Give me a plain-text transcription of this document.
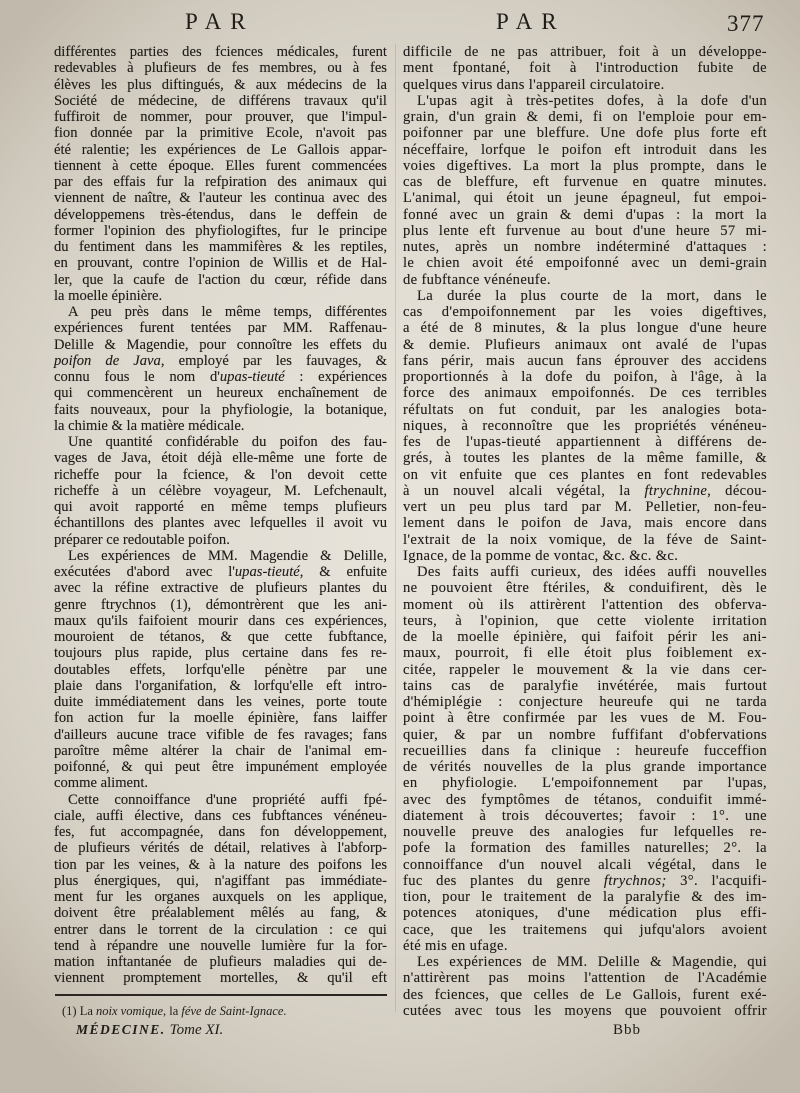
PAR	PAR	377
différentes parties des fciences médicales, furent
redevables à plufieurs de fes membres, ou à fes
élèves les plus diftingués, & aux médecins de la
Société de médecine, de différens travaux qu'il
fuffiroit de nommer, pour prouver, que l'impul-
fion donnée par la primitive Ecole, n'avoit pas
été ralentie; les expériences de Le Gallois appar-
tiennent à cette époque. Elles furent commencées
par des effais fur la refpiration des animaux qui
viennent de naître, & l'auteur les continua avec des
développemens très-étendus, dans le deffein de
former l'opinion des phyfiologiftes, fur le principe
du fentiment dans les mammifères & les reptiles,
en prouvant, contre l'opinion de Willis et de Hal-
ler, que la caufe de l'action du cœur, réfide dans
la moelle épinière.
A peu près dans le même temps, différentes
expériences furent tentées par MM. Raffenau-
Delille & Magendie, pour connoître les effets du
poifon de Java, employé par les fauvages, &
connu fous le nom d'upas-tieuté : expériences
qui commencèrent un heureux enchaînement de
faits nouveaux, pour la phyfiologie, la botanique,
la chimie & la matière médicale.
Une quantité confidérable du poifon des fau-
vages de Java, étoit déjà elle-même une forte de
richeffe pour la fcience, & l'on devoit cette
richeffe à un célèbre voyageur, M. Lefchenault,
qui avoit rapporté en même temps plufieurs
échantillons des plantes avec lefquelles il avoit vu
préparer ce redoutable poifon.
Les expériences de MM. Magendie & Delille,
exécutées d'abord avec l'upas-tieuté, & enfuite
avec la réfine extractive de plufieurs plantes du
genre ftrychnos (1), démontrèrent que les ani-
maux qu'ils faifoient mourir dans ces expériences,
mouroient de tétanos, & que cette fubftance,
toujours plus rapide, plus certaine dans fes re-
doutables effets, lorfqu'elle pénètre par une
plaie dans l'organifation, & lorfqu'elle eft intro-
duite immédiatement dans les veines, porte toute
fon action fur la moelle épinière, fans laiffer
d'ailleurs aucune trace vifible de fes ravages; fans
paroître même altérer la chair de l'animal em-
poifonné, & qui peut être impunément employée
comme aliment.
Cette connoiffance d'une propriété auffi fpé-
ciale, auffi élective, dans ces fubftances vénéneu-
fes, fut accompagnée, dans fon développement,
de plufieurs vérités de détail, relatives à l'abforp-
tion par les veines, & à la nature des poifons les
plus énergiques, qui, n'agiffant pas immédiate-
ment fur les organes auxquels on les applique,
doivent être préalablement mêlés au fang, &
entrer dans le torrent de la circulation : ce qui
tend à répandre une nouvelle lumière fur la for-
mation inftantanée de plufieurs maladies qui de-
viennent promptement mortelles, & qu'il eft
difficile de ne pas attribuer, foit à un développe-
ment fpontané, foit à l'introduction fubite de
quelques virus dans l'appareil circulatoire.
L'upas agit à très-petites dofes, à la dofe d'un
grain, d'un grain & demi, fi on l'emploie pour em-
poifonner par une bleffure. Une dofe plus forte eft
néceffaire, lorfque le poifon eft introduit dans les
voies digeftives. La mort la plus prompte, dans le
cas de bleffure, eft furvenue en quatre minutes.
L'animal, qui étoit un jeune épagneul, fut empoi-
fonné avec un grain & demi d'upas : la mort la
plus lente eft furvenue au bout d'une heure 57 mi-
nutes, après un nombre indéterminé d'attaques :
le chien avoit été empoifonné avec un demi-grain
de fubftance vénéneufe.
La durée la plus courte de la mort, dans le
cas d'empoifonnement par les voies digeftives,
a été de 8 minutes, & la plus longue d'une heure
& demie. Plufieurs animaux ont avalé de l'upas
fans périr, mais aucun fans éprouver des accidens
proportionnés à la dofe du poifon, à l'âge, à la
force des animaux empoifonnés. De ces terribles
réfultats on fut conduit, par les analogies bota-
niques, à reconnoître que les propriétés vénéneu-
fes de l'upas-tieuté appartiennent à différens de-
grés, à toutes les plantes de la même famille, &
on vit enfuite que ces plantes en font redevables
à un nouvel alcali végétal, la ftrychnine, décou-
vert un peu plus tard par M. Pelletier, non-feu-
lement dans le poifon de Java, mais encore dans
l'extrait de la noix vomique, de la féve de Saint-
Ignace, de la pomme de vontac, &c. &c. &c.
Des faits auffi curieux, des idées auffi nouvelles
ne pouvoient être ftériles, & conduifirent, dès le
moment où ils attirèrent l'attention des obferva-
teurs, à l'opinion, que cette violente irritation
de la moelle épinière, qui faifoit périr les ani-
maux, pourroit, fi elle étoit plus foiblement ex-
citée, rappeler le mouvement & la vie dans cer-
tains cas de paralyfie invétérée, mais furtout
d'hémiplégie : conjecture heureufe qui ne tarda
point à être confirmée par les vues de M. Fou-
quier, & par un nombre fuffifant d'obfervations
recueillies dans fa clinique : heureufe fucceffion
de vérités nouvelles de la plus grande importance
en phyfiologie. L'empoifonnement par l'upas,
avec des fymptômes de tétanos, conduifit immé-
diatement à trois découvertes; favoir : 1°. une
nouvelle preuve des analogies fur lefquelles re-
pofe la formation des familles naturelles; 2°. la
connoiffance d'un nouvel alcali végétal, dans le
fuc des plantes du genre ftrychnos; 3°. l'acquifi-
tion, pour le traitement de la paralyfie & des im-
potences atoniques, d'une médication plus effi-
cace, que les traitemens qui jufqu'alors avoient
été mis en ufage.
Les expériences de MM. Delille & Magendie, qui
n'attirèrent pas moins l'attention de l'Académie
des fciences, que celles de Le Gallois, furent exé-
cutées avec tous les moyens que pouvoient offrir
(1) La noix vomique, la féve de Saint-Ignace.
MÉDECINE. Tome XI.	Bbb
